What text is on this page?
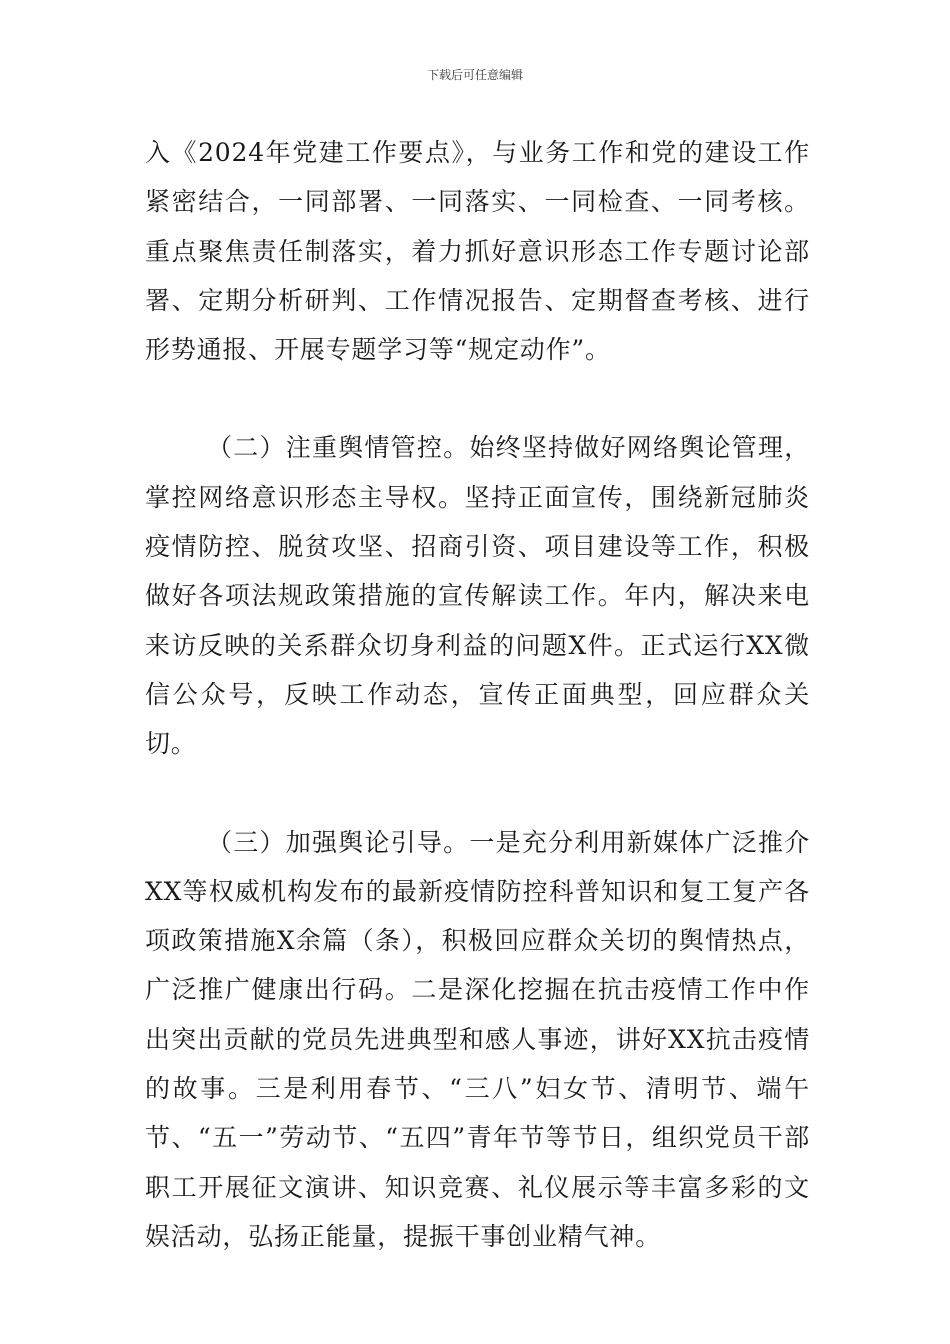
下载后可任意编辑

入《2024年党建工作要点》，与业务工作和党的建设工作紧密结合，一同部署、一同落实、一同检查、一同考核。重点聚焦责任制落实，着力抓好意识形态工作专题讨论部署、定期分析研判、工作情况报告、定期督查考核、进行形势通报、开展专题学习等“规定动作”。

（二）注重舆情管控。始终坚持做好网络舆论管理，掌控网络意识形态主导权。坚持正面宣传，围绕新冠肺炎疫情防控、脱贫攻坚、招商引资、项目建设等工作，积极做好各项法规政策措施的宣传解读工作。年内，解决来电来访反映的关系群众切身利益的问题X件。正式运行XX微信公众号，反映工作动态，宣传正面典型，回应群众关切。

（三）加强舆论引导。一是充分利用新媒体广泛推介XX等权威机构发布的最新疫情防控科普知识和复工复产各项政策措施X余篇（条），积极回应群众关切的舆情热点，广泛推广健康出行码。二是深化挖掘在抗击疫情工作中作出突出贡献的党员先进典型和感人事迹，讲好XX抗击疫情的故事。三是利用春节、“三八”妇女节、清明节、端午节、“五一”劳动节、“五四”青年节等节日，组织党员干部职工开展征文演讲、知识竞赛、礼仪展示等丰富多彩的文娱活动，弘扬正能量，提振干事创业精气神。
